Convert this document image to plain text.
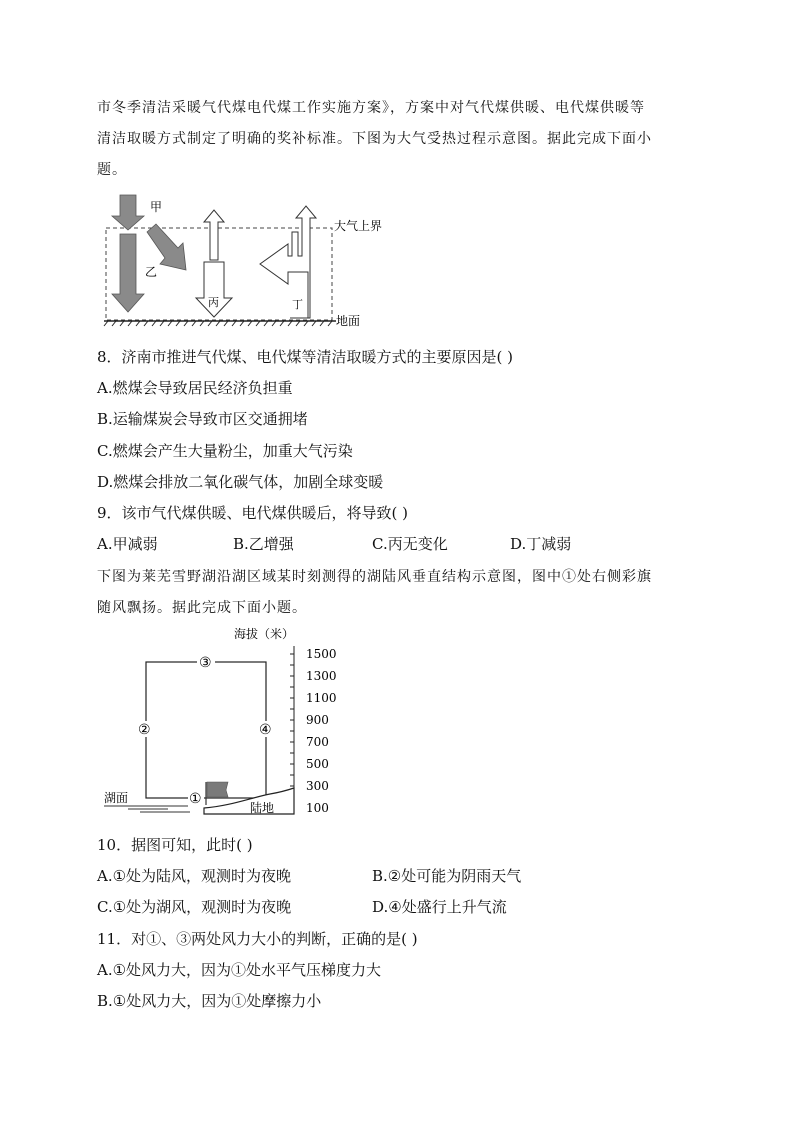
市冬季清洁采暖气代煤电代煤工作实施方案》，方案中对气代煤供暖、电代煤供暖等
清洁取暖方式制定了明确的奖补标准。下图为大气受热过程示意图。据此完成下面小
题。
甲
乙
丙	丁
大气上界
地面
8．济南市推进气代煤、电代煤等清洁取暖方式的主要原因是( )
A.燃煤会导致居民经济负担重
B.运输煤炭会导致市区交通拥堵
C.燃煤会产生大量粉尘，加重大气污染
D.燃煤会排放二氧化碳气体，加剧全球变暖
9．该市气代煤供暖、电代煤供暖后，将导致( )
A.甲减弱	B.乙增强	C.丙无变化	D.丁减弱
下图为莱芜雪野湖沿湖区域某时刻测得的湖陆风垂直结构示意图，图中①处右侧彩旗
随风飘扬。据此完成下面小题。
海拔（米）
1500
1300
1100
900
700
500
300
100
③
②	④
①
湖面
陆地
10．据图可知，此时( )
A.①处为陆风，观测时为夜晚	B.②处可能为阴雨天气
C.①处为湖风，观测时为夜晚	D.④处盛行上升气流
11．对①、③两处风力大小的判断，正确的是( )
A.①处风力大，因为①处水平气压梯度力大
B.①处风力大，因为①处摩擦力小
